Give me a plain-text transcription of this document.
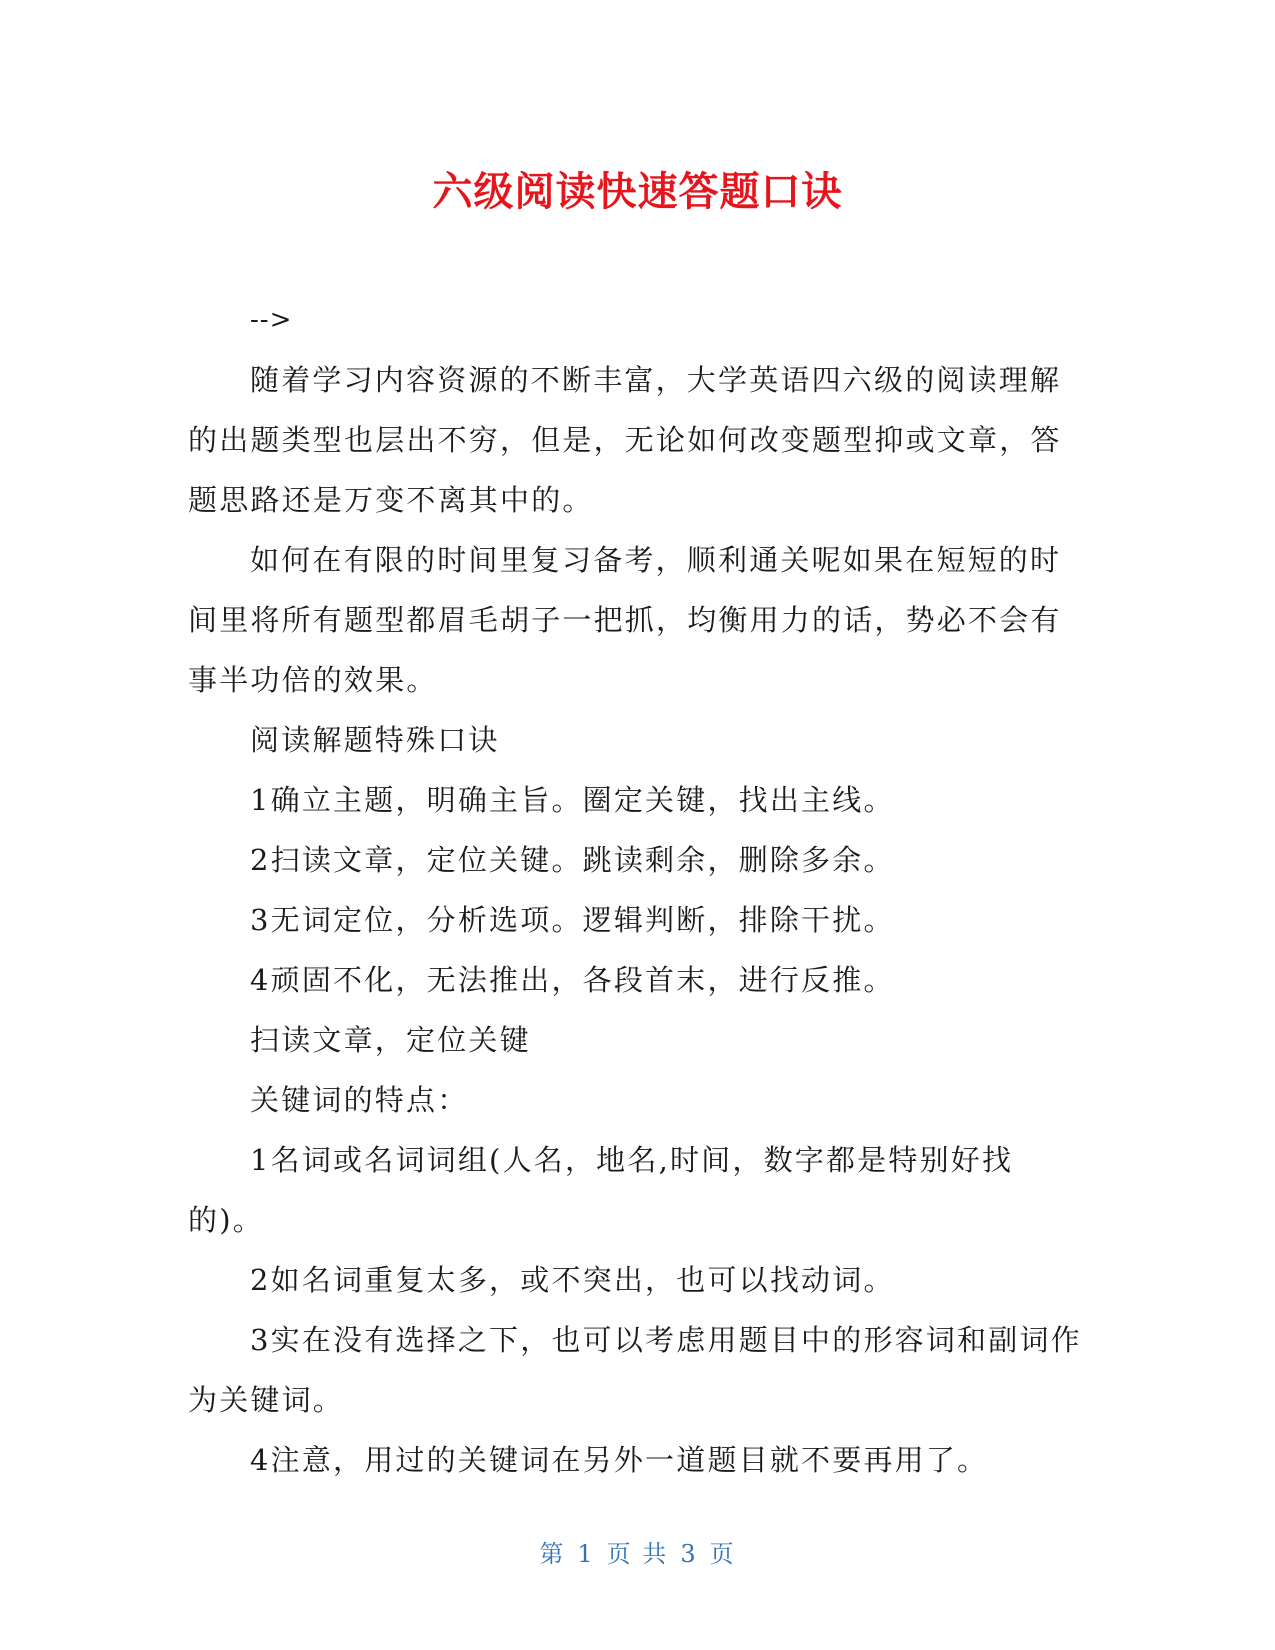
六级阅读快速答题口诀

-->

随着学习内容资源的不断丰富，大学英语四六级的阅读理解的出题类型也层出不穷，但是，无论如何改变题型抑或文章，答题思路还是万变不离其中的。

如何在有限的时间里复习备考，顺利通关呢如果在短短的时间里将所有题型都眉毛胡子一把抓，均衡用力的话，势必不会有事半功倍的效果。

阅读解题特殊口诀

1确立主题，明确主旨。圈定关键，找出主线。

2扫读文章，定位关键。跳读剩余，删除多余。

3无词定位，分析选项。逻辑判断，排除干扰。

4顽固不化，无法推出，各段首末，进行反推。

扫读文章，定位关键

关键词的特点：

1名词或名词词组(人名，地名,时间，数字都是特别好找的)。

2如名词重复太多，或不突出，也可以找动词。

3实在没有选择之下，也可以考虑用题目中的形容词和副词作为关键词。

4注意，用过的关键词在另外一道题目就不要再用了。

第 1 页 共 3 页
